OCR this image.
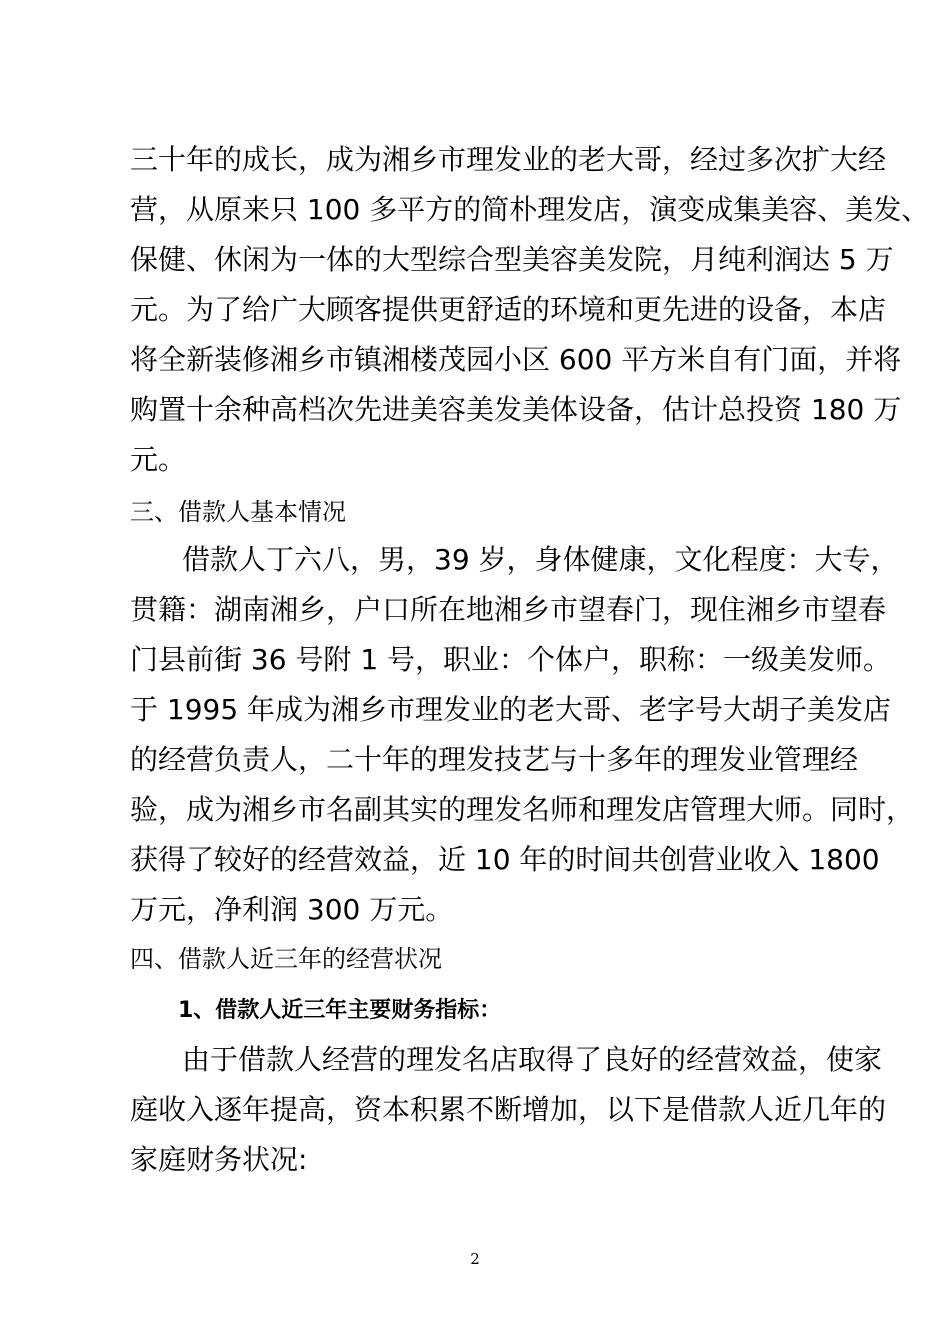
三十年的成长，成为湘乡市理发业的老大哥，经过多次扩大经
营，从原来只 100 多平方的简朴理发店，演变成集美容、美发、
保健、休闲为一体的大型综合型美容美发院，月纯利润达 5 万
元。为了给广大顾客提供更舒适的环境和更先进的设备，本店
将全新装修湘乡市镇湘楼茂园小区 600 平方米自有门面，并将
购置十余种高档次先进美容美发美体设备，估计总投资 180 万
元。
三、借款人基本情况
借款人丁六八，男，39 岁，身体健康，文化程度：大专，
贯籍：湖南湘乡，户口所在地湘乡市望春门，现住湘乡市望春
门县前街 36 号附 1 号，职业：个体户，职称：一级美发师。
于 1995 年成为湘乡市理发业的老大哥、老字号大胡子美发店
的经营负责人，二十年的理发技艺与十多年的理发业管理经
验，成为湘乡市名副其实的理发名师和理发店管理大师。同时，
获得了较好的经营效益，近 10 年的时间共创营业收入 1800
万元，净利润 300 万元。
四、借款人近三年的经营状况
1、借款人近三年主要财务指标：
由于借款人经营的理发名店取得了良好的经营效益，使家
庭收入逐年提高，资本积累不断增加，以下是借款人近几年的
家庭财务状况:
2
